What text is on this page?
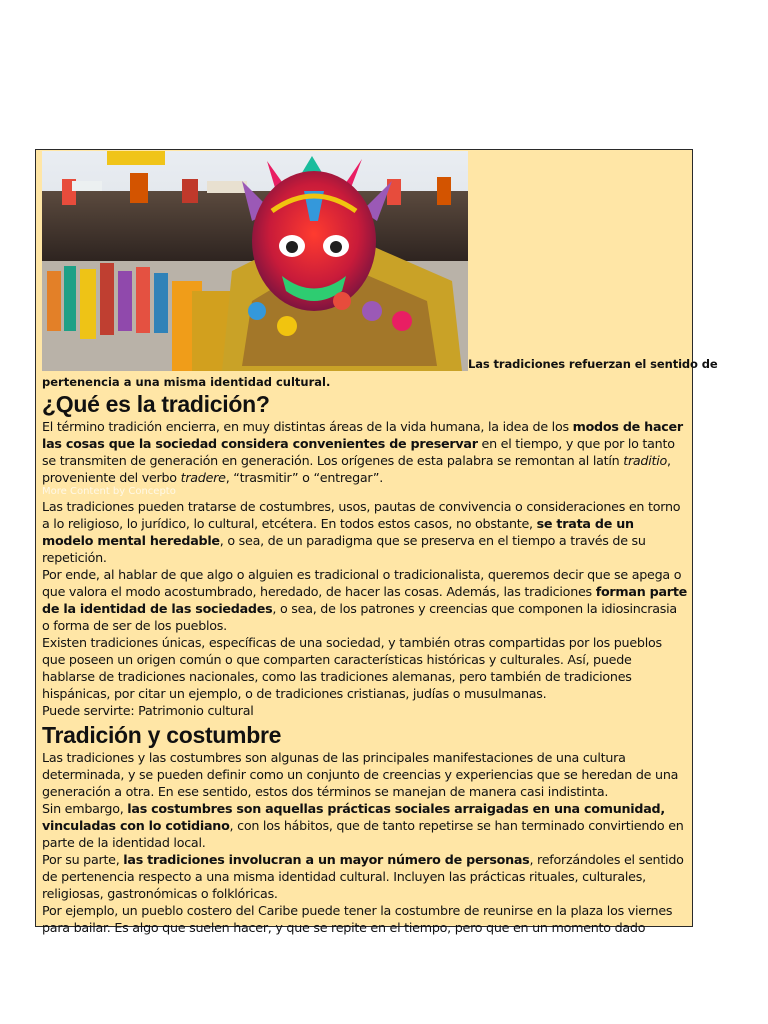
Las tradiciones refuerzan el sentido de
pertenencia a una misma identidad cultural.
¿Qué es la tradición?

El término tradición encierra, en muy distintas áreas de la vida humana, la idea de los modos de hacer las cosas que la sociedad considera convenientes de preservar en el tiempo, y que por lo tanto se transmiten de generación en generación. Los orígenes de esta palabra se remontan al latín traditio, proveniente del verbo tradere, “trasmitir” o “entregar”.

More Content by Concepto

Las tradiciones pueden tratarse de costumbres, usos, pautas de convivencia o consideraciones en torno a lo religioso, lo jurídico, lo cultural, etcétera. En todos estos casos, no obstante, se trata de un modelo mental heredable, o sea, de un paradigma que se preserva en el tiempo a través de su repetición.

Por ende, al hablar de que algo o alguien es tradicional o tradicionalista, queremos decir que se apega o que valora el modo acostumbrado, heredado, de hacer las cosas. Además, las tradiciones forman parte de la identidad de las sociedades, o sea, de los patrones y creencias que componen la idiosincrasia o forma de ser de los pueblos.

Existen tradiciones únicas, específicas de una sociedad, y también otras compartidas por los pueblos que poseen un origen común o que comparten características históricas y culturales. Así, puede hablarse de tradiciones nacionales, como las tradiciones alemanas, pero también de tradiciones hispánicas, por citar un ejemplo, o de tradiciones cristianas, judías o musulmanas.

Puede servirte: Patrimonio cultural

Tradición y costumbre

Las tradiciones y las costumbres son algunas de las principales manifestaciones de una cultura determinada, y se pueden definir como un conjunto de creencias y experiencias que se heredan de una generación a otra. En ese sentido, estos dos términos se manejan de manera casi indistinta.

Sin embargo, las costumbres son aquellas prácticas sociales arraigadas en una comunidad, vinculadas con lo cotidiano, con los hábitos, que de tanto repetirse se han terminado convirtiendo en parte de la identidad local.

Por su parte, las tradiciones involucran a un mayor número de personas, reforzándoles el sentido de pertenencia respecto a una misma identidad cultural. Incluyen las prácticas rituales, culturales, religiosas, gastronómicas o folklóricas.

Por ejemplo, un pueblo costero del Caribe puede tener la costumbre de reunirse en la plaza los viernes para bailar. Es algo que suelen hacer, y que se repite en el tiempo, pero que en un momento dado
